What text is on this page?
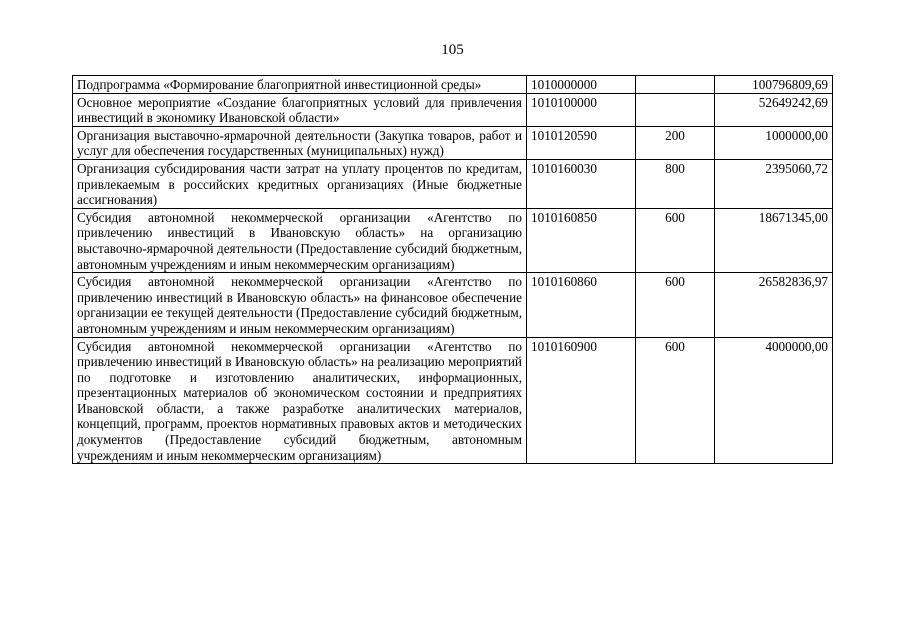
105
Подпрограмма «Формирование благоприятной инвестиционной среды»	1010000000		100796809,69
Основное мероприятие «Создание благоприятных условий для привлечения инвестиций в экономику Ивановской области»	1010100000		52649242,69
Организация выставочно-ярмарочной деятельности (Закупка товаров, работ и услуг для обеспечения государственных (муниципальных) нужд)	1010120590	200	1000000,00
Организация субсидирования части затрат на уплату процентов по кредитам, привлекаемым в российских кредитных организациях (Иные бюджетные ассигнования)	1010160030	800	2395060,72
Субсидия автономной некоммерческой организации «Агентство по привлечению инвестиций в Ивановскую область» на организацию выставочно-ярмарочной деятельности (Предоставление субсидий бюджетным, автономным учреждениям и иным некоммерческим организациям)	1010160850	600	18671345,00
Субсидия автономной некоммерческой организации «Агентство по привлечению инвестиций в Ивановскую область» на финансовое обеспечение организации ее текущей деятельности (Предоставление субсидий бюджетным, автономным учреждениям и иным некоммерческим организациям)	1010160860	600	26582836,97
Субсидия автономной некоммерческой организации «Агентство по привлечению инвестиций в Ивановскую область» на реализацию мероприятий по подготовке и изготовлению аналитических, информационных, презентационных материалов об экономическом состоянии и предприятиях Ивановской области, а также разработке аналитических материалов, концепций, программ, проектов нормативных правовых актов и методических документов (Предоставление субсидий бюджетным, автономным учреждениям и иным некоммерческим организациям)	1010160900	600	4000000,00
